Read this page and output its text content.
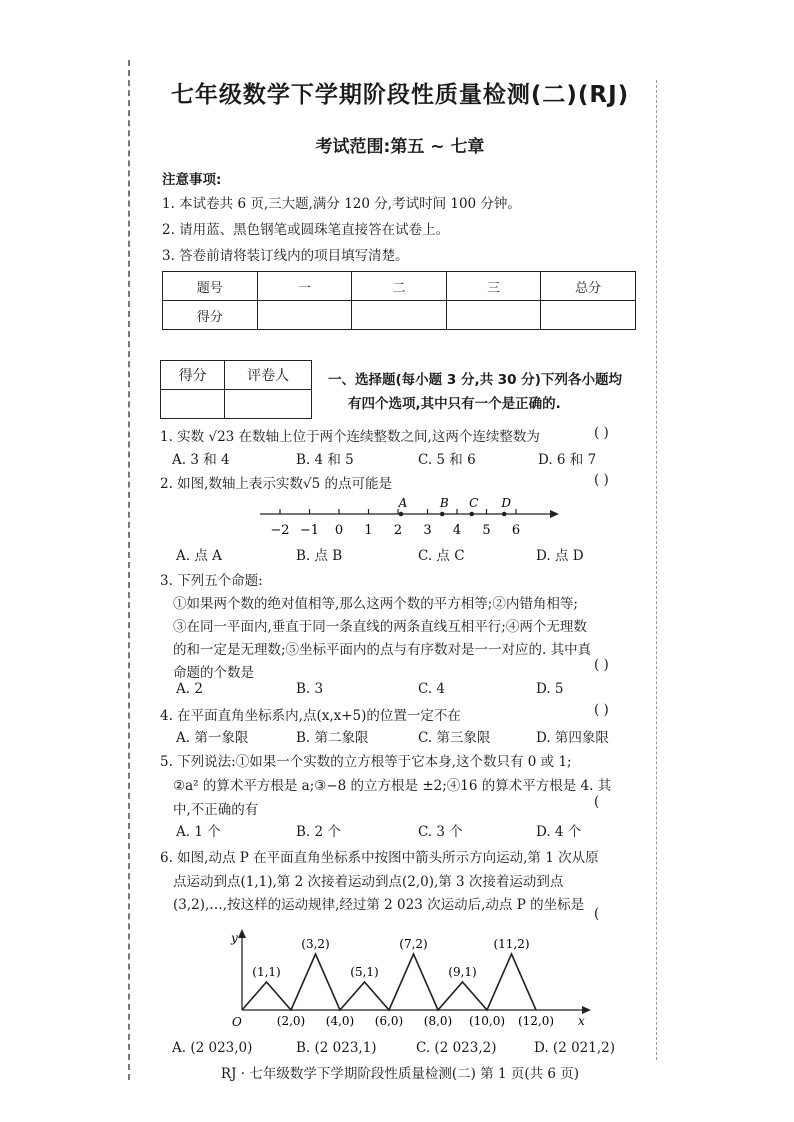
七年级数学下学期阶段性质量检测(二)(RJ)
考试范围:第五 ~ 七章
注意事项:
1. 本试卷共 6 页,三大题,满分 120 分,考试时间 100 分钟。
2. 请用蓝、黑色钢笔或圆珠笔直接答在试卷上。
3. 答卷前请将装订线内的项目填写清楚。
题号	一	二	三	总分
得分				
得分	评卷人
		一、选择题(每小题 3 分,共 30 分)下列各小题均
有四个选项,其中只有一个是正确的.
1. 实数 √23 在数轴上位于两个连续整数之间,这两个连续整数为	( )
A. 3 和 4	B. 4 和 5	C. 5 和 6	D. 6 和 7
2. 如图,数轴上表示实数√5 的点可能是	( )
−2 −1 0 1 2 3 4 5 6
A	B C D
A. 点 A	B. 点 B	C. 点 C	D. 点 D
3. 下列五个命题:
①如果两个数的绝对值相等,那么这两个数的平方相等;②内错角相等;
③在同一平面内,垂直于同一条直线的两条直线互相平行;④两个无理数
的和一定是无理数;⑤坐标平面内的点与有序数对是一一对应的. 其中真
命题的个数是	( )
A. 2	B. 3	C. 4	D. 5
4. 在平面直角坐标系内,点(x,x+5)的位置一定不在	( )
A. 第一象限	B. 第二象限	C. 第三象限	D. 第四象限
5. 下列说法:①如果一个实数的立方根等于它本身,这个数只有 0 或 1;
②a² 的算术平方根是 a;③−8 的立方根是 ±2;④16 的算术平方根是 4. 其
中,不正确的有	(
A. 1 个	B. 2 个	C. 3 个	D. 4 个
6. 如图,动点 P 在平面直角坐标系中按图中箭头所示方向运动,第 1 次从原
点运动到点(1,1),第 2 次接着运动到点(2,0),第 3 次接着运动到点
(3,2),…,按这样的运动规律,经过第 2 023 次运动后,动点 P 的坐标是
(
y
x
O
(1,1)
(3,2)
(5,1)
(7,2)
(9,1)
(11,2)
(2,0) (4,0) (6,0) (8,0) (10,0) (12,0)
A. (2 023,0)	B. (2 023,1)	C. (2 023,2)	D. (2 021,2)
RJ · 七年级数学下学期阶段性质量检测(二) 第 1 页(共 6 页)
